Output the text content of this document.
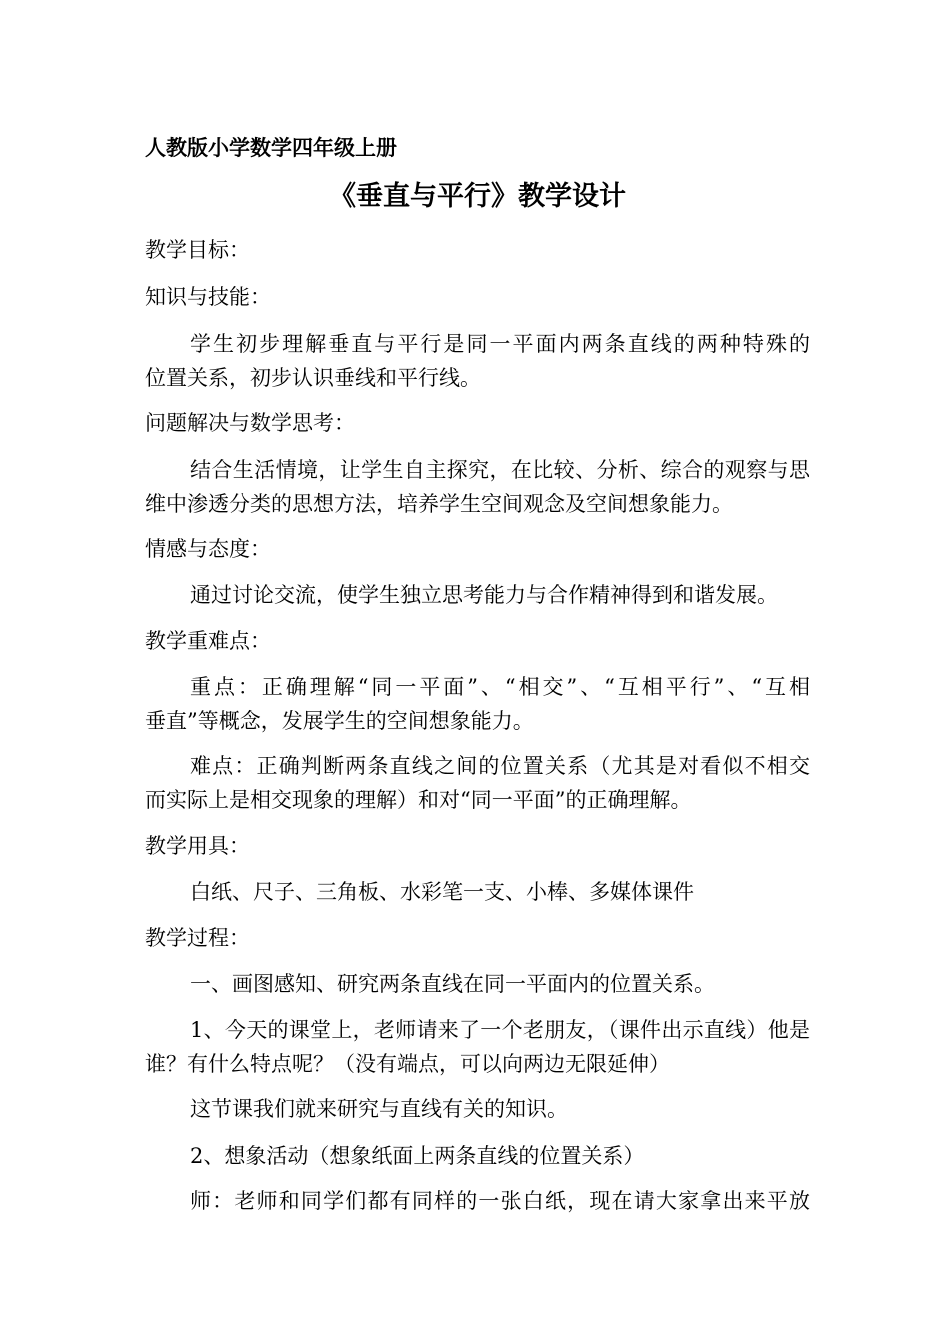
人教版小学数学四年级上册
《垂直与平行》教学设计
教学目标：
知识与技能：
学生初步理解垂直与平行是同一平面内两条直线的两种特殊的
位置关系，初步认识垂线和平行线。
问题解决与数学思考：
结合生活情境，让学生自主探究，在比较、分析、综合的观察与思
维中渗透分类的思想方法，培养学生空间观念及空间想象能力。
情感与态度：
通过讨论交流，使学生独立思考能力与合作精神得到和谐发展。
教学重难点：
重点：正确理解“同一平面”、“相交”、“互相平行”、“互相
垂直”等概念，发展学生的空间想象能力。
难点：正确判断两条直线之间的位置关系（尤其是对看似不相交
而实际上是相交现象的理解）和对“同一平面”的正确理解。
教学用具：
白纸、尺子、三角板、水彩笔一支、小棒、多媒体课件
教学过程：
一、画图感知、研究两条直线在同一平面内的位置关系。
1、今天的课堂上，老师请来了一个老朋友，（课件出示直线）他是
谁？有什么特点呢？（没有端点，可以向两边无限延伸）
这节课我们就来研究与直线有关的知识。
2、想象活动（想象纸面上两条直线的位置关系）
师：老师和同学们都有同样的一张白纸，现在请大家拿出来平放
